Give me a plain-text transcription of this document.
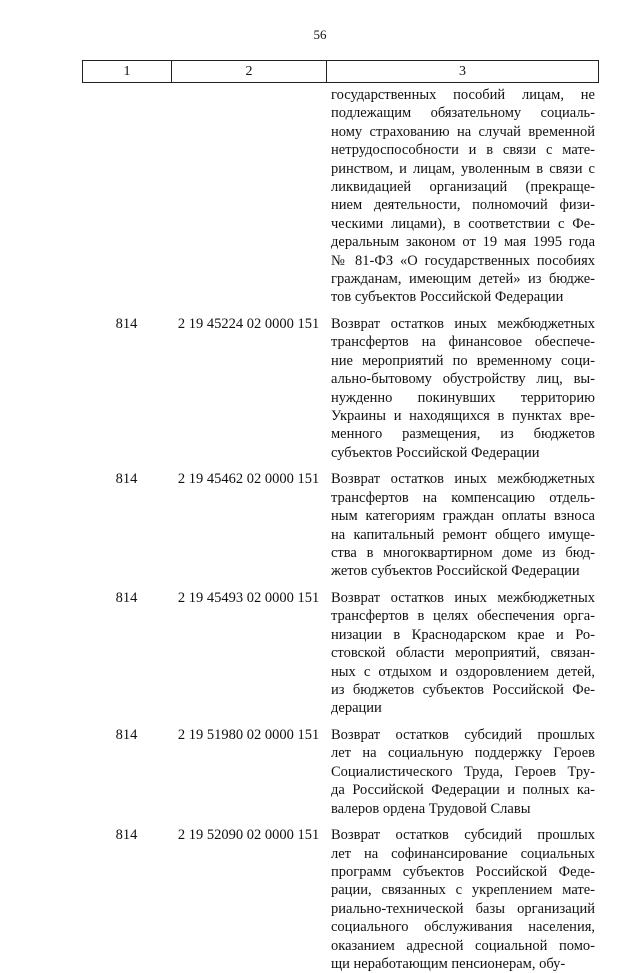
56
1	2	3
государственных пособий лицам, не
подлежащим обязательному социаль-
ному страхованию на случай временной
нетрудоспособности и в связи с мате-
ринством, и лицам, уволенным в связи с
ликвидацией организаций (прекраще-
нием деятельности, полномочий физи-
ческими лицами), в соответствии с Фе-
деральным законом от 19 мая 1995 года
№ 81-ФЗ «О государственных пособиях
гражданам, имеющим детей» из бюдже-
тов субъектов Российской Федерации
814	2 19 45224 02 0000 151 Возврат остатков иных межбюджетных
трансфертов на финансовое обеспече-
ние мероприятий по временному соци-
ально-бытовому обустройству лиц, вы-
нужденно покинувших территорию
Украины и находящихся в пунктах вре-
менного размещения, из бюджетов
субъектов Российской Федерации
814	2 19 45462 02 0000 151 Возврат остатков иных межбюджетных
трансфертов на компенсацию отдель-
ным категориям граждан оплаты взноса
на капитальный ремонт общего имуще-
ства в многоквартирном доме из бюд-
жетов субъектов Российской Федерации
814	2 19 45493 02 0000 151 Возврат остатков иных межбюджетных
трансфертов в целях обеспечения орга-
низации в Краснодарском крае и Ро-
стовской области мероприятий, связан-
ных с отдыхом и оздоровлением детей,
из бюджетов субъектов Российской Фе-
дерации
814	2 19 51980 02 0000 151 Возврат остатков субсидий прошлых
лет на социальную поддержку Героев
Социалистического Труда, Героев Тру-
да Российской Федерации и полных ка-
валеров ордена Трудовой Славы
814	2 19 52090 02 0000 151 Возврат остатков субсидий прошлых
лет на софинансирование социальных
программ субъектов Российской Феде-
рации, связанных с укреплением мате-
риально-технической базы организаций
социального обслуживания населения,
оказанием адресной социальной помо-
щи неработающим пенсионерам, обу-
